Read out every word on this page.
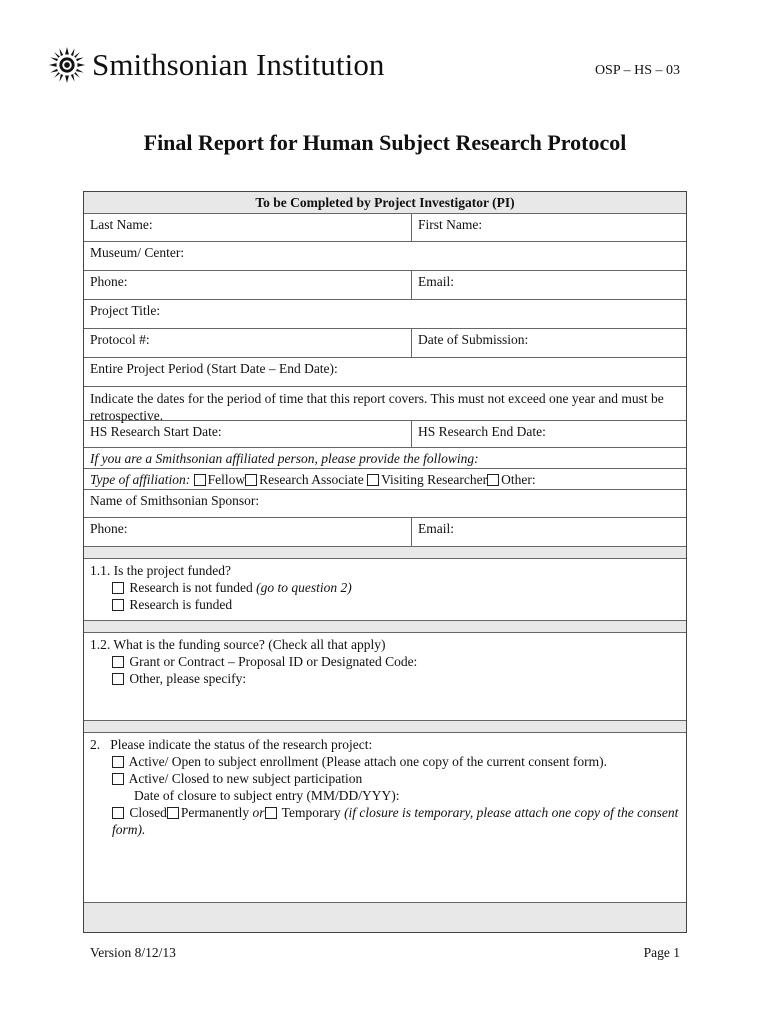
Smithsonian Institution	OSP – HS – 03
Final Report for Human Subject Research Protocol
To be Completed by Project Investigator (PI)
Last Name:	First Name:
Museum/ Center:
Phone:	Email:
Project Title:
Protocol #:	Date of Submission:
Entire Project Period (Start Date – End Date):
Indicate the dates for the period of time that this report covers. This must not exceed one year and must be retrospective.
HS Research Start Date:	HS Research End Date:
If you are a Smithsonian affiliated person, please provide the following:
Type of affiliation: Fellow Research Associate Visiting Researcher Other:
Name of Smithsonian Sponsor:
Phone:	Email:
1.1. Is the project funded?
Research is not funded (go to question 2)
Research is funded
1.2. What is the funding source? (Check all that apply)
Grant or Contract – Proposal ID or Designated Code:
Other, please specify:
2. Please indicate the status of the research project:
Active/ Open to subject enrollment (Please attach one copy of the current consent form).
Active/ Closed to new subject participation
Date of closure to subject entry (MM/DD/YYY):
Closed Permanently or Temporary (if closure is temporary, please attach one copy of the consent form).
Version 8/12/13	Page 1
